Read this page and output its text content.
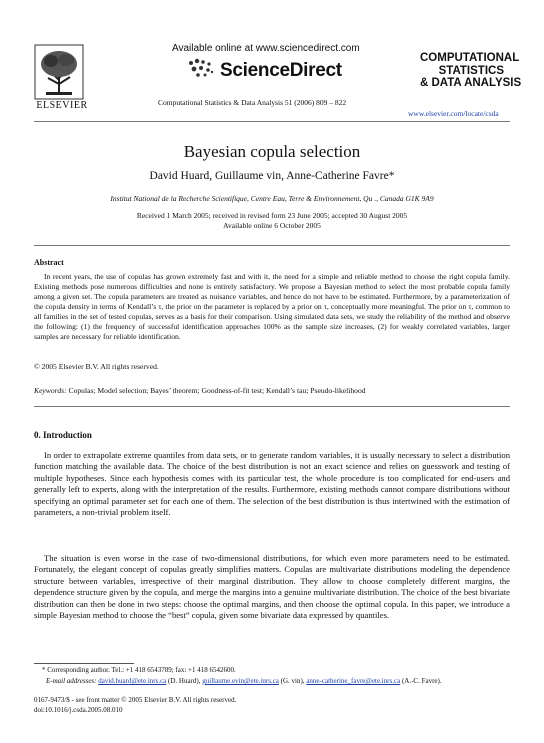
ELSEVIER
Available online at www.sciencedirect.com
ScienceDirect
Computational Statistics & Data Analysis 51 (2006) 809 – 822
COMPUTATIONAL
STATISTICS
& DATA ANALYSIS
www.elsevier.com/locate/csda
Bayesian copula selection
David Huard, Guillaume vin, Anne-Catherine Favre*
Institut National de la Recherche Scientifique, Centre Eau, Terre & Environnement, Qu ., Canada G1K 9A9
Received 1 March 2005; received in revised form 23 June 2005; accepted 30 August 2005
Available online 6 October 2005
Abstract
In recent years, the use of copulas has grown extremely fast and with it, the need for a simple and reliable method to choose the right copula family. Existing methods pose numerous difficulties and none is entirely satisfactory. We propose a Bayesian method to select the most probable copula family among a given set. The copula parameters are treated as nuisance variables, and hence do not have to be estimated. Furthermore, by a parameterization of the copula density in terms of Kendall’s τ, the prior on the parameter is replaced by a prior on τ, conceptually more meaningful. The prior on τ, common to all families in the set of tested copulas, serves as a basis for their comparison. Using simulated data sets, we study the reliability of the method and observe the following: (1) the frequency of successful identification approaches 100% as the sample size increases, (2) for weakly correlated variables, larger samples are necessary for reliable identification.
© 2005 Elsevier B.V. All rights reserved.
Keywords: Copulas; Model selection; Bayes’ theorem; Goodness-of-fit test; Kendall’s tau; Pseudo-likelihood
0. Introduction
In order to extrapolate extreme quantiles from data sets, or to generate random variables, it is usually necessary to select a distribution function matching the available data. The choice of the best distribution is not an exact science and relies on guesswork and testing of multiple hypotheses. Since each hypothesis comes with its particular test, the whole procedure is too complicated for end-users and generally left to experts, along with the interpretation of the results. Furthermore, existing methods cannot compare distributions without specifying an optimal parameter set for each one of them. The selection of the best distribution is thus intertwined with the estimation of parameters, a non-trivial problem itself.
The situation is even worse in the case of two-dimensional distributions, for which even more parameters need to be estimated. Fortunately, the elegant concept of copulas greatly simplifies matters. Copulas are multivariate distributions modeling the dependence structure between variables, irrespective of their marginal distribution. They allow to choose completely different margins, the dependence structure given by the copula, and merge the margins into a genuine multivariate distribution. The choice of the best bivariate distribution can then be done in two steps: choose the optimal margins, and then choose the optimal copula. In this paper, we introduce a simple Bayesian method to choose the “best” copula, given some bivariate data expressed by quantiles.
* Corresponding author. Tel.: +1 418 6543789; fax: +1 418 6542600.
E-mail addresses: david.huard@ete.inrs.ca (D. Huard), guillaume.evin@ete.inrs.ca (G. vin), anne-catherine_favre@ete.inrs.ca (A.-C. Favre).
0167-9473/$ - see front matter © 2005 Elsevier B.V. All rights reserved.
doi:10.1016/j.csda.2005.08.010
